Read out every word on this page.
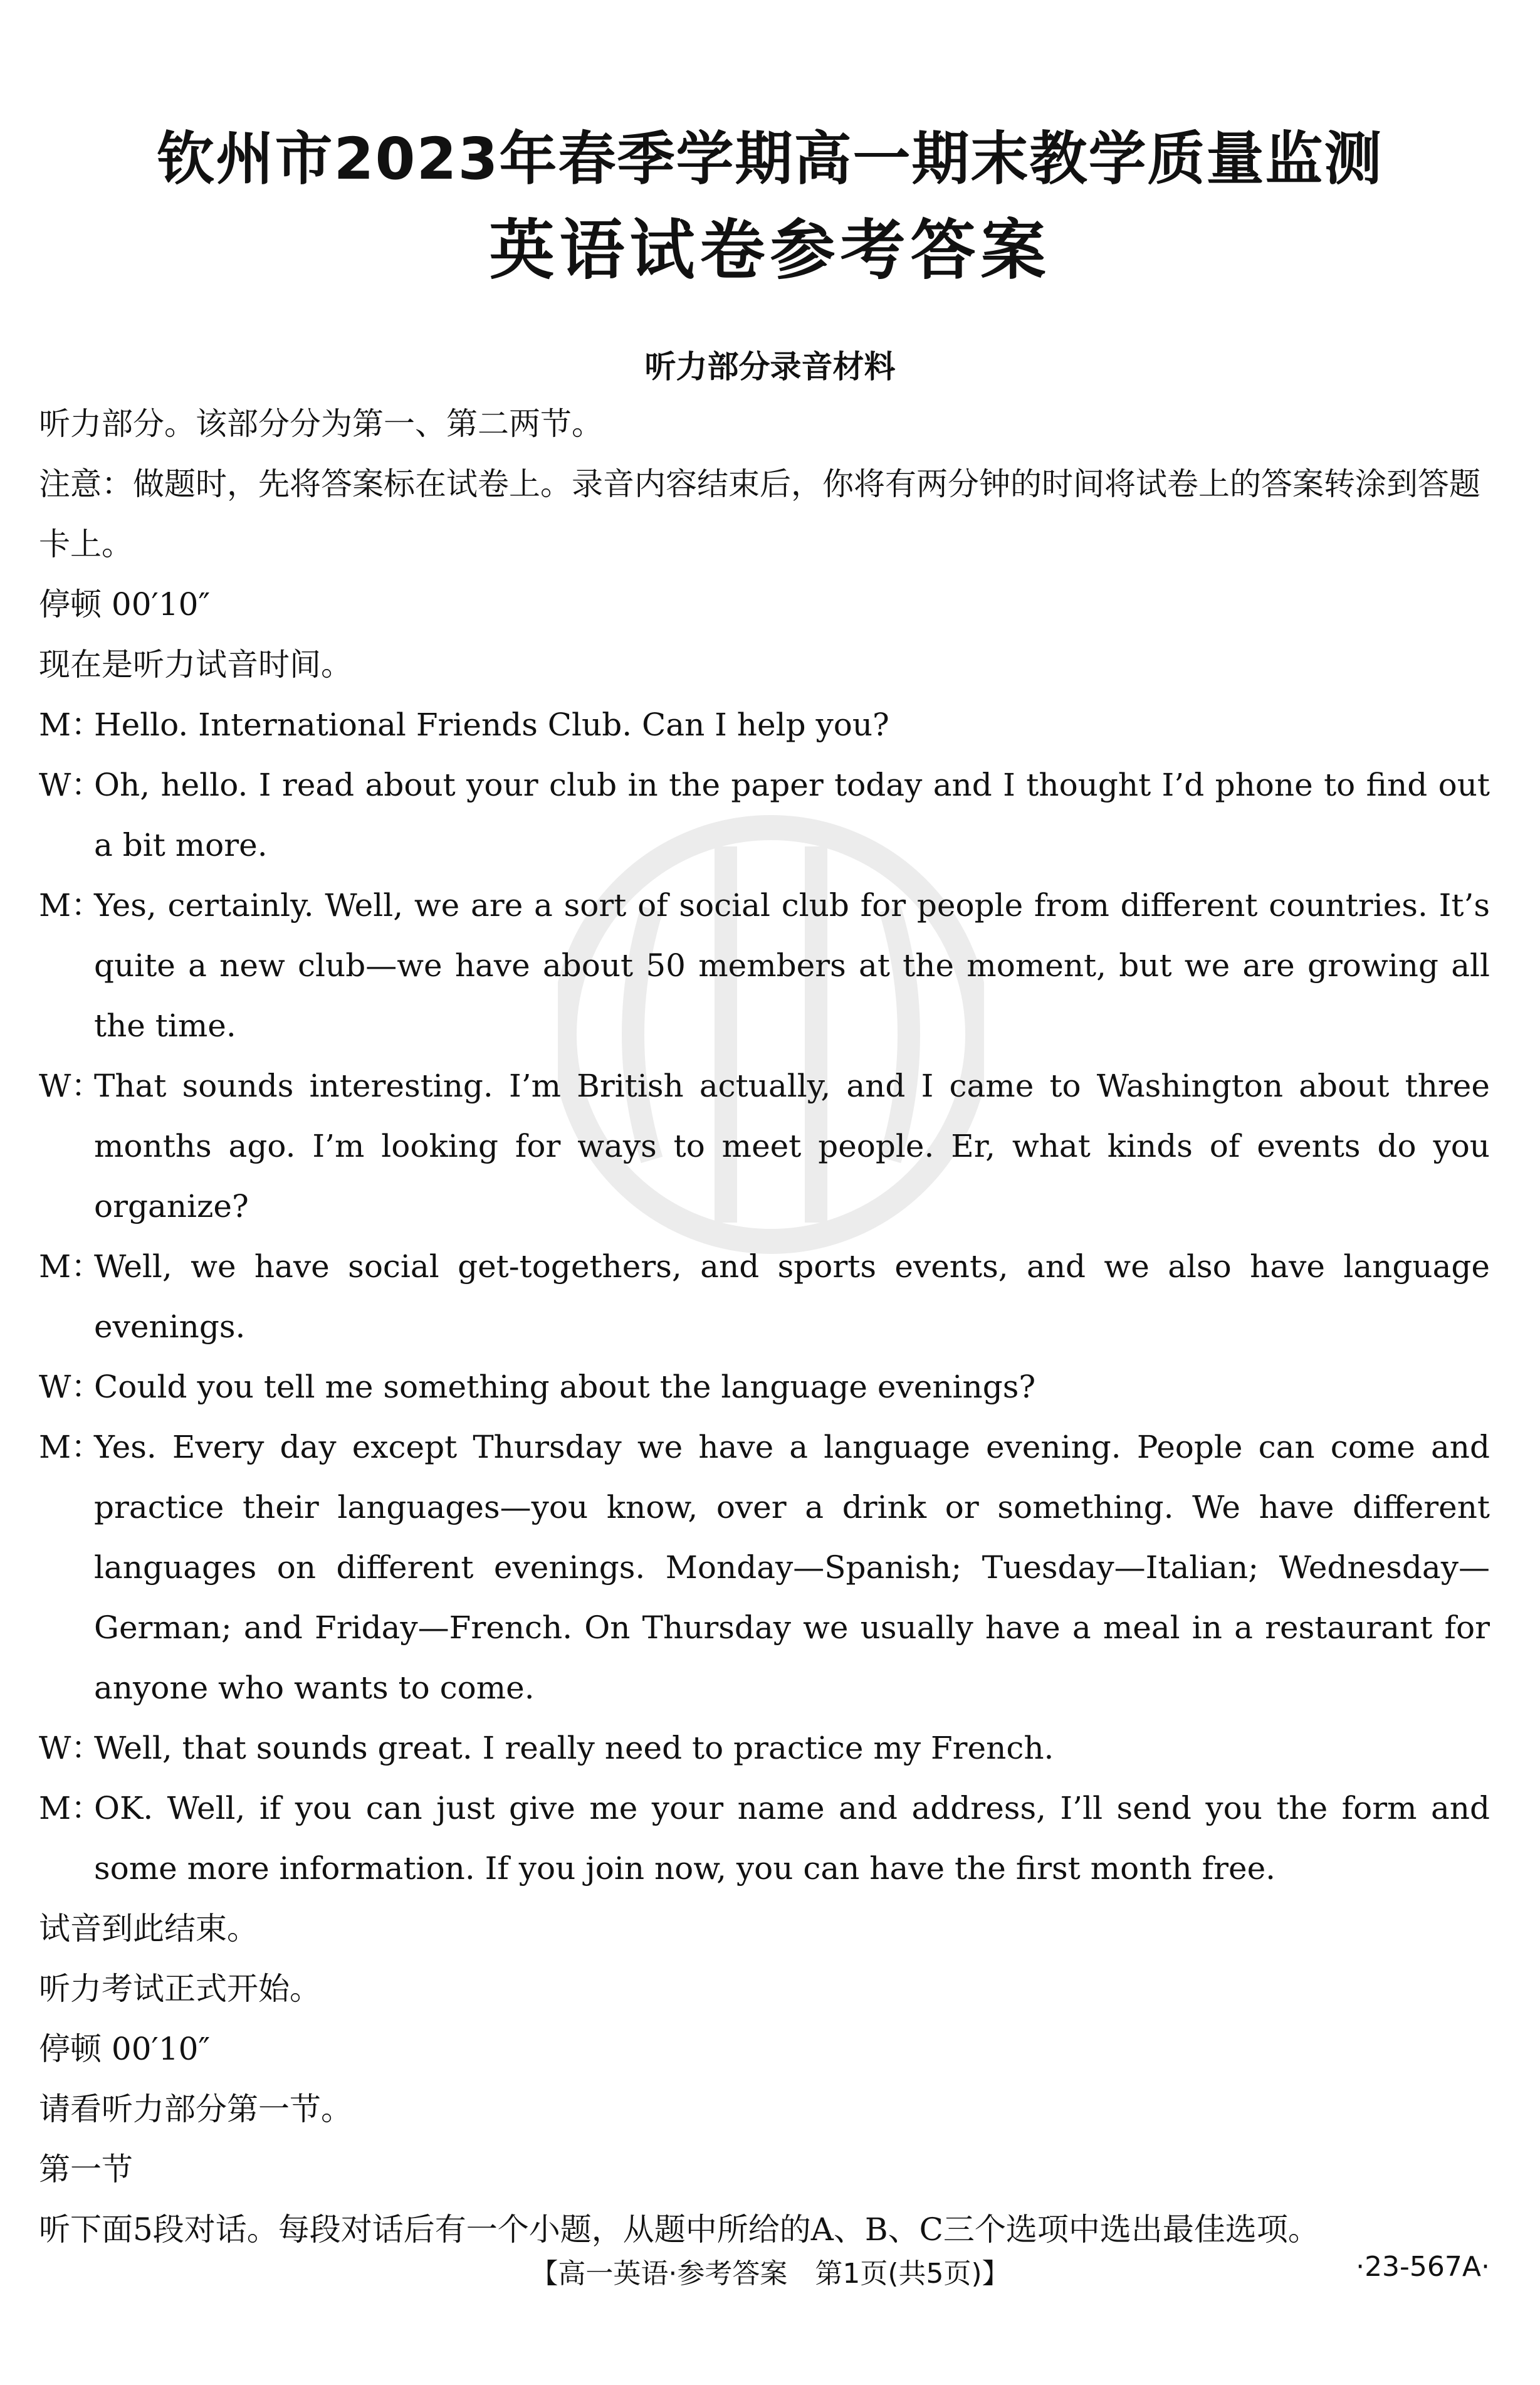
钦州市2023年春季学期高一期末教学质量监测
英语试卷参考答案
听力部分录音材料
听力部分。该部分分为第一、第二两节。
注意：做题时，先将答案标在试卷上。录音内容结束后，你将有两分钟的时间将试卷上的答案转涂到答题卡上。
停顿 00′10″
现在是听力试音时间。
M：Hello. International Friends Club. Can I help you?
W：Oh, hello. I read about your club in the paper today and I thought I’d phone to find out a bit more.
M：Yes, certainly. Well, we are a sort of social club for people from different countries. It’s quite a new club—we have about 50 members at the moment, but we are growing all the time.
W：That sounds interesting. I’m British actually, and I came to Washington about three months ago. I’m looking for ways to meet people. Er, what kinds of events do you organize?
M：Well, we have social get-togethers, and sports events, and we also have language evenings.
W：Could you tell me something about the language evenings?
M：Yes. Every day except Thursday we have a language evening. People can come and practice their languages—you know, over a drink or something. We have different languages on different evenings. Monday—Spanish; Tuesday—Italian; Wednesday—German; and Friday—French. On Thursday we usually have a meal in a restaurant for anyone who wants to come.
W：Well, that sounds great. I really need to practice my French.
M：OK. Well, if you can just give me your name and address, I’ll send you the form and some more information. If you join now, you can have the first month free.
试音到此结束。
听力考试正式开始。
停顿 00′10″
请看听力部分第一节。
第一节
听下面5段对话。每段对话后有一个小题，从题中所给的A、B、C三个选项中选出最佳选项。
【高一英语·参考答案　第1页(共5页)】	·23-567A·
